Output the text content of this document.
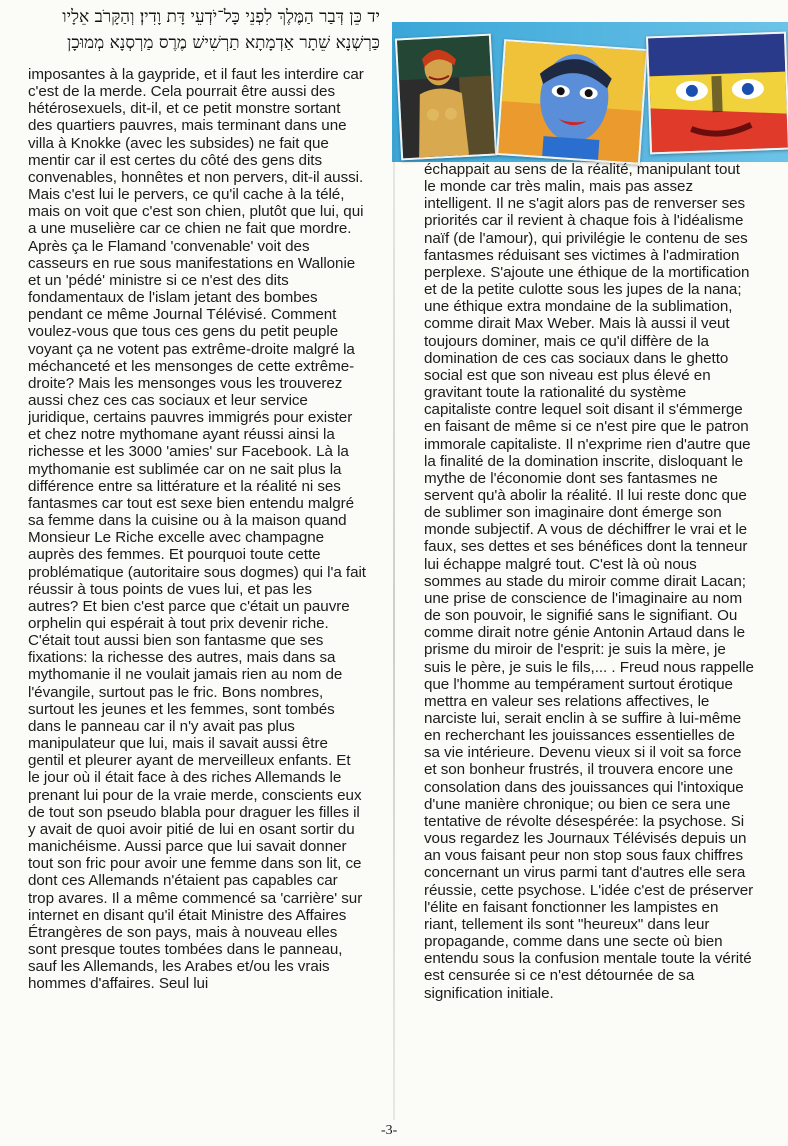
יד כֵּן דְּבַר הַמֶּלֶךְ לִפְנֵי כָּל־יֹדְעֵי דָּת וָדִין׃ וְהַקָּרֹב אֵלָיו
כַּרְשְׁנָא שֵׁתָר אַדְמָתָא תַרְשִׁישׁ מֶרֶס מַרְסְנָא מְמוּכָן

imposantes à la gaypride, et il faut les interdire car c'est de la merde. Cela pourrait être aussi des hétérosexuels, dit-il, et ce petit monstre sortant des quartiers pauvres, mais terminant dans une villa à Knokke (avec les subsides) ne fait que mentir car il est certes du côté des gens dits convenables, honnêtes et non pervers, dit-il aussi. Mais c'est lui le pervers, ce qu'il cache à la télé, mais on voit que c'est son chien, plutôt que lui, qui a une muselière car ce chien ne fait que mordre. Après ça le Flamand 'convenable' voit des casseurs en rue sous manifestations en Wallonie et un 'pédé' ministre si ce n'est des dits fondamentaux de l'islam jetant des bombes pendant ce même Journal Télévisé. Comment voulez-vous que tous ces gens du petit peuple voyant ça ne votent pas extrême-droite malgré la méchanceté et les mensonges de cette extrême-droite? Mais les mensonges vous les trouverez aussi chez ces cas sociaux et leur service juridique, certains pauvres immigrés pour exister et chez notre mythomane ayant réussi ainsi la richesse et les 3000 'amies' sur Facebook. Là la mythomanie est sublimée car on ne sait plus la différence entre sa littérature et la réalité ni ses fantasmes car tout est sexe bien entendu malgré sa femme dans la cuisine ou à la maison quand Monsieur Le Riche excelle avec champagne auprès des femmes. Et pourquoi toute cette problématique (autoritaire sous dogmes) qui l'a fait réussir à tous points de vues lui, et pas les autres? Et bien c'est parce que c'était un pauvre orphelin qui espérait à tout prix devenir riche. C'était tout aussi bien son fantasme que ses fixations: la richesse des autres, mais dans sa mythomanie il ne voulait jamais rien au nom de l'évangile, surtout pas le fric. Bons nombres, surtout les jeunes et les femmes, sont tombés dans le panneau car il n'y avait pas plus manipulateur que lui, mais il savait aussi être gentil et pleurer ayant de merveilleux enfants. Et le jour où il était face à des riches Allemands le prenant lui pour de la vraie merde, conscients eux de tout son pseudo blabla pour draguer les filles il y avait de quoi avoir pitié de lui en osant sortir du manichéisme. Aussi parce que lui savait donner tout son fric pour avoir une femme dans son lit, ce dont ces Allemands n'étaient pas capables car trop avares. Il a même commencé sa 'carrière' sur internet en disant qu'il était Ministre des Affaires Étrangères de son pays, mais à nouveau elles sont presque toutes tombées dans le panneau, sauf les Allemands, les Arabes et/ou les vrais hommes d'affaires. Seul lui

échappait au sens de la réalité, manipulant tout le monde car très malin, mais pas assez intelligent. Il ne s'agit alors pas de renverser ses priorités car il revient à chaque fois à l'idéalisme naïf (de l'amour), qui privilégie le contenu de ses fantasmes réduisant ses victimes à l'admiration perplexe. S'ajoute une éthique de la mortification et de la petite culotte sous les jupes de la nana; une éthique extra mondaine de la sublimation, comme dirait Max Weber. Mais là aussi il veut toujours dominer, mais ce qu'il diffère de la domination de ces cas sociaux dans le ghetto social est que son niveau est plus élevé en gravitant toute la rationalité du système capitaliste contre lequel soit disant il s'émmerge en faisant de même si ce n'est pire que le patron immorale capitaliste. Il n'exprime rien d'autre que la finalité de la domination inscrite, disloquant le mythe de l'économie dont ses fantasmes ne servent qu'à abolir la réalité. Il lui reste donc que de sublimer son imaginaire dont émerge son monde subjectif. A vous de déchiffrer le vrai et le faux, ses dettes et ses bénéfices dont la tenneur lui échappe malgré tout. C'est là où nous sommes au stade du miroir comme dirait Lacan; une prise de conscience de l'imaginaire au nom de son pouvoir, le signifié sans le signifiant. Ou comme dirait notre génie Antonin Artaud dans le prisme du miroir de l'esprit: je suis la mère, je suis le père, je suis le fils,... . Freud nous rappelle que l'homme au tempérament surtout érotique mettra en valeur ses relations affectives, le narciste lui, serait enclin à se suffire à lui-même en recherchant les jouissances essentielles de sa vie intérieure. Devenu vieux si il voit sa force et son bonheur frustrés, il trouvera encore une consolation dans des jouissances qui l'intoxique d'une manière chronique; ou bien ce sera une tentative de révolte désespérée: la psychose. Si vous regardez les Journaux Télévisés depuis un an vous faisant peur non stop sous faux chiffres concernant un virus parmi tant d'autres elle sera réussie, cette psychose. L'idée c'est de préserver l'élite en faisant fonctionner les lampistes en riant, tellement ils sont "heureux" dans leur propagande, comme dans une secte où bien entendu sous la confusion mentale toute la vérité est censurée si ce n'est détournée de sa signification initiale.

-3-
